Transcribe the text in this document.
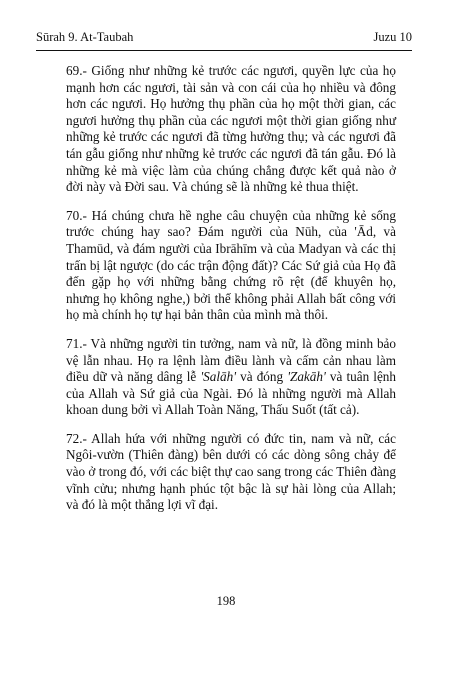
Sūrah 9. At-Taubah	Juzu 10

69.- Giống như những kẻ trước các ngươi, quyền lực của họ mạnh hơn các ngươi, tài sản và con cái của họ nhiều và đông hơn các ngươi. Họ hưởng thụ phần của họ một thời gian, các ngươi hưởng thụ phần của các ngươi một thời gian giống như những kẻ trước các ngươi đã từng hưởng thụ; và các ngươi đã tán gẫu giống như những kẻ trước các ngươi đã tán gẫu. Đó là những kẻ mà việc làm của chúng chẳng được kết quả nào ở đời này và Đời sau. Và chúng sẽ là những kẻ thua thiệt.

70.- Há chúng chưa hề nghe câu chuyện của những kẻ sống trước chúng hay sao? Đám người của Nūh, của 'Ād, và Thamūd, và đám người của Ibrāhīm và của Madyan và các thị trấn bị lật ngược (do các trận động đất)? Các Sứ giả của Họ đã đến gặp họ với những bằng chứng rõ rệt (để khuyên họ, nhưng họ không nghe,) bởi thế không phải Allah bất công với họ mà chính họ tự hại bản thân của mình mà thôi.

71.- Và những người tin tưởng, nam và nữ, là đồng minh bảo vệ lẫn nhau. Họ ra lệnh làm điều lành và cấm cản nhau làm điều dữ và năng dâng lễ 'Salāh' và đóng 'Zakāh' và tuân lệnh của Allah và Sứ giả của Ngài. Đó là những người mà Allah khoan dung bởi vì Allah Toàn Năng, Thấu Suốt (tất cả).

72.- Allah hứa với những người có đức tin, nam và nữ, các Ngôi-vườn (Thiên đàng) bên dưới có các dòng sông chảy để vào ở trong đó, với các biệt thự cao sang trong các Thiên đàng vĩnh cửu; nhưng hạnh phúc tột bậc là sự hài lòng của Allah; và đó là một thắng lợi vĩ đại.

198
